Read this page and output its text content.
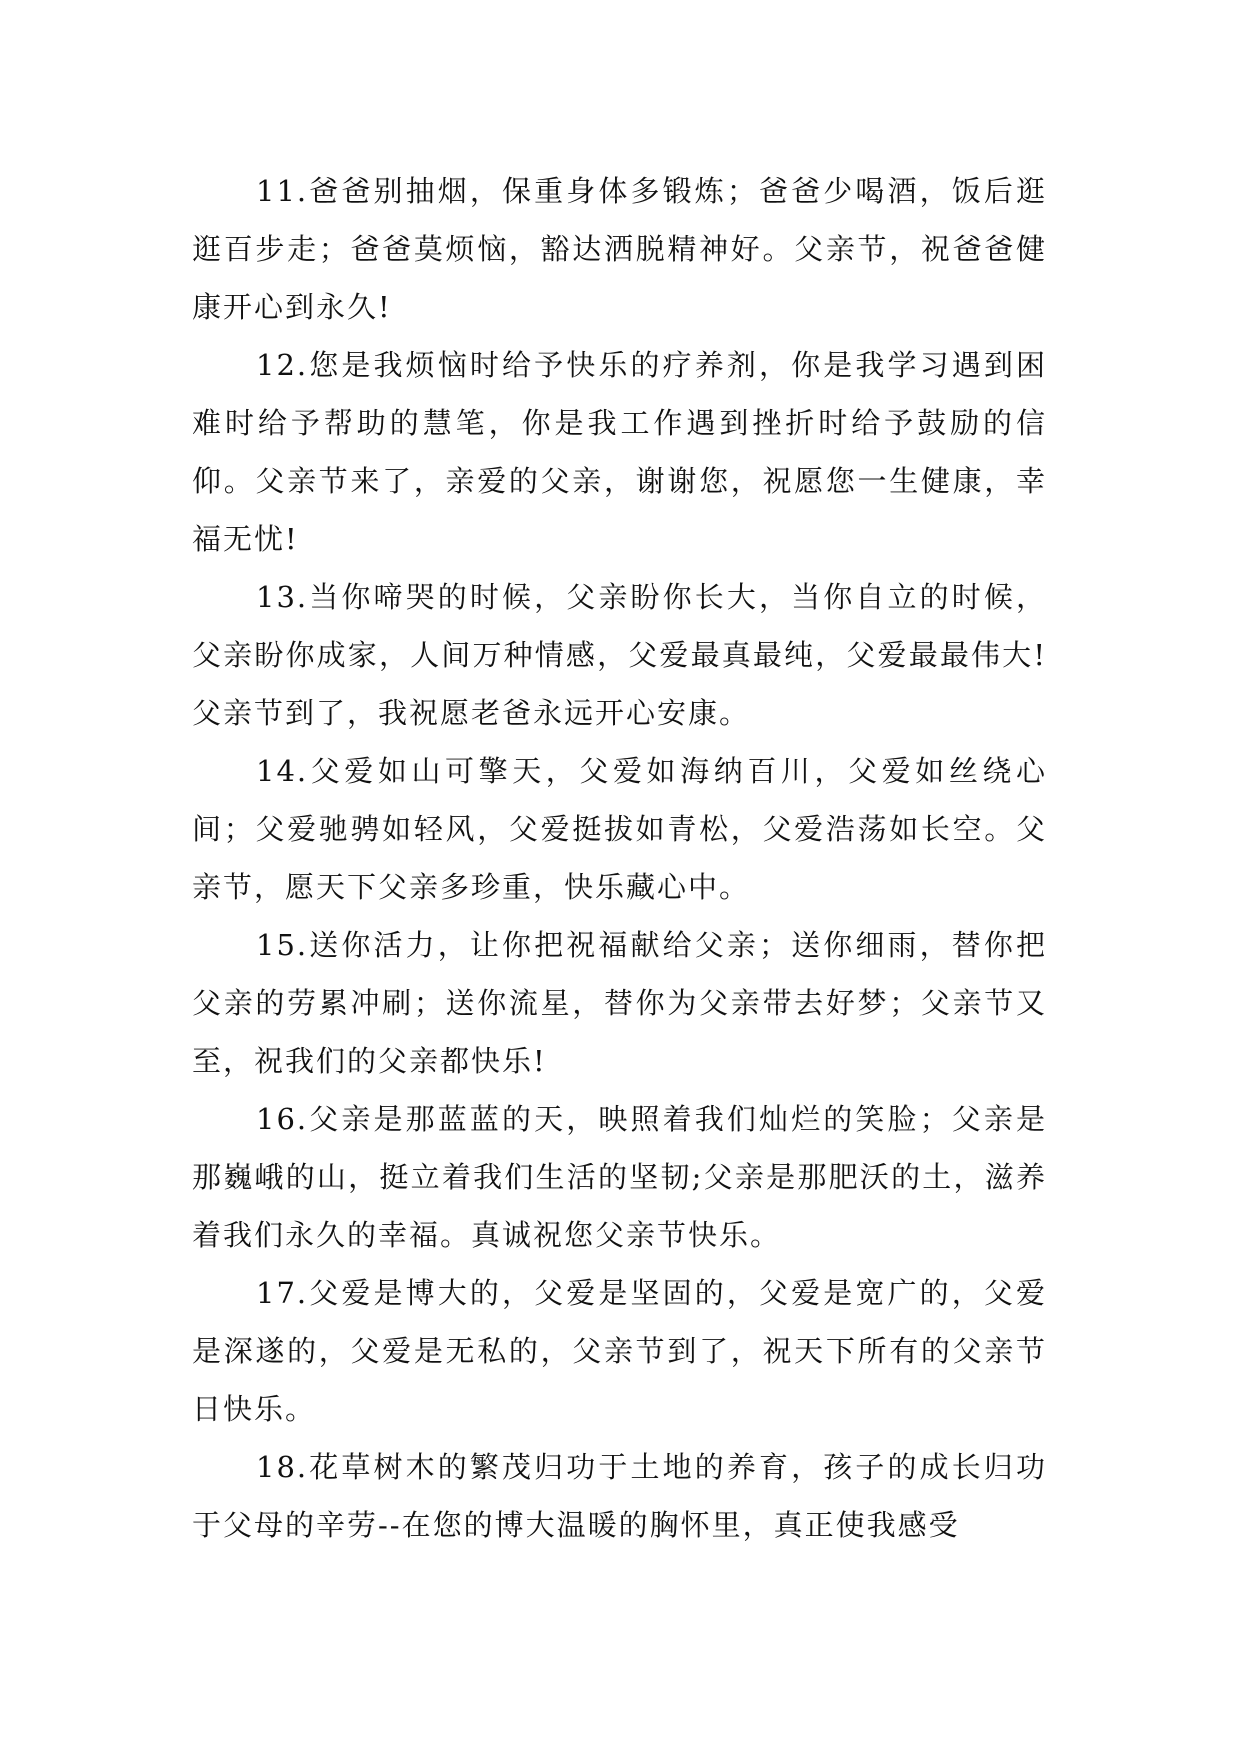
11.爸爸别抽烟，保重身体多锻炼；爸爸少喝酒，饭后逛逛百步走；爸爸莫烦恼，豁达洒脱精神好。父亲节，祝爸爸健康开心到永久!

12.您是我烦恼时给予快乐的疗养剂，你是我学习遇到困难时给予帮助的慧笔，你是我工作遇到挫折时给予鼓励的信仰。父亲节来了，亲爱的父亲，谢谢您，祝愿您一生健康，幸福无忧!

13.当你啼哭的时候，父亲盼你长大，当你自立的时候，父亲盼你成家，人间万种情感，父爱最真最纯，父爱最最伟大!父亲节到了，我祝愿老爸永远开心安康。

14.父爱如山可擎天，父爱如海纳百川，父爱如丝绕心间；父爱驰骋如轻风，父爱挺拔如青松，父爱浩荡如长空。父亲节，愿天下父亲多珍重，快乐藏心中。

15.送你活力，让你把祝福献给父亲；送你细雨，替你把父亲的劳累冲刷；送你流星，替你为父亲带去好梦；父亲节又至，祝我们的父亲都快乐!

16.父亲是那蓝蓝的天，映照着我们灿烂的笑脸；父亲是那巍峨的山，挺立着我们生活的坚韧;父亲是那肥沃的土，滋养着我们永久的幸福。真诚祝您父亲节快乐。

17.父爱是博大的，父爱是坚固的，父爱是宽广的，父爱是深遂的，父爱是无私的，父亲节到了，祝天下所有的父亲节日快乐。

18.花草树木的繁茂归功于土地的养育，孩子的成长归功于父母的辛劳--在您的博大温暖的胸怀里，真正使我感受
